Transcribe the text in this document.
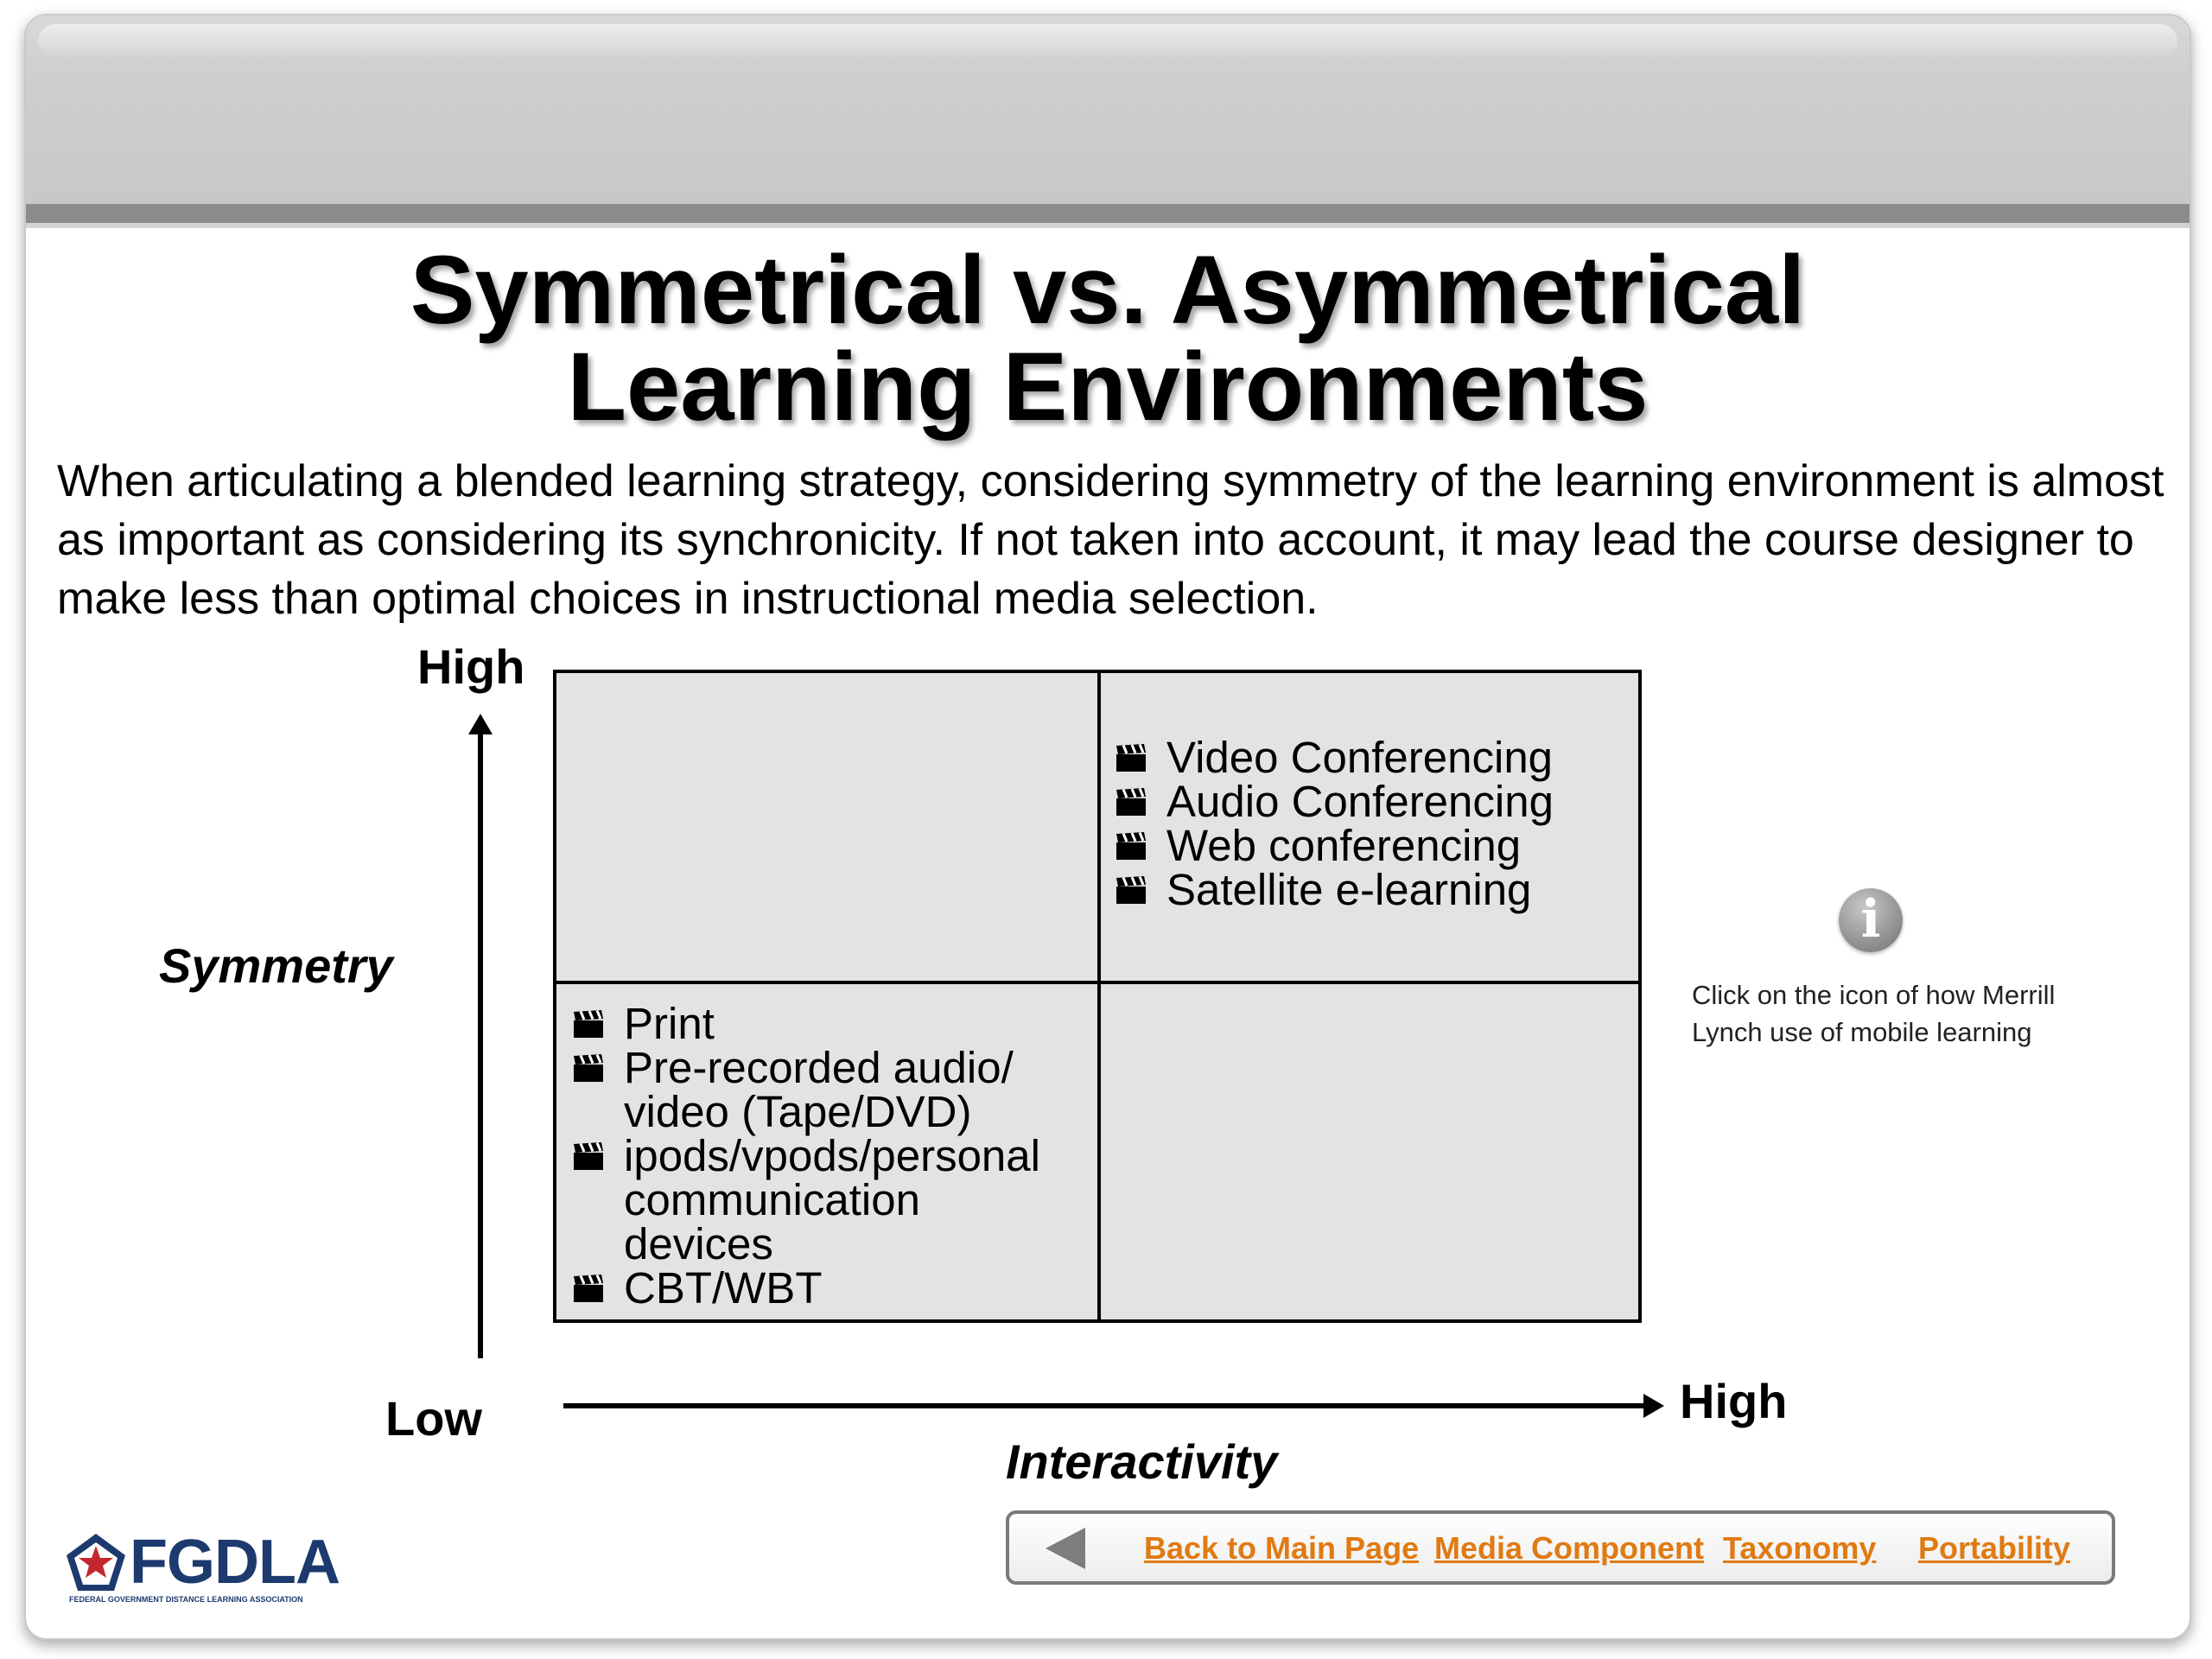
Symmetrical vs. Asymmetrical
Learning Environments
When articulating a blended learning strategy, considering symmetry of the learning environment is almost as important as considering its synchronicity. If not taken into account, it may lead the course designer to make less than optimal choices in instructional media selection.
High
Symmetry
Low	High
Interactivity
Video Conferencing
Audio Conferencing
Web conferencing
Satellite e-learning
Print
Pre-recorded audio/
video (Tape/DVD)
ipods/vpods/personal
communication
devices
CBT/WBT
i
Click on the icon of how Merrill Lynch use of mobile learning
Back to Main Page Media Component Taxonomy Portability
FGDLA
FEDERAL GOVERNMENT DISTANCE LEARNING ASSOCIATION
